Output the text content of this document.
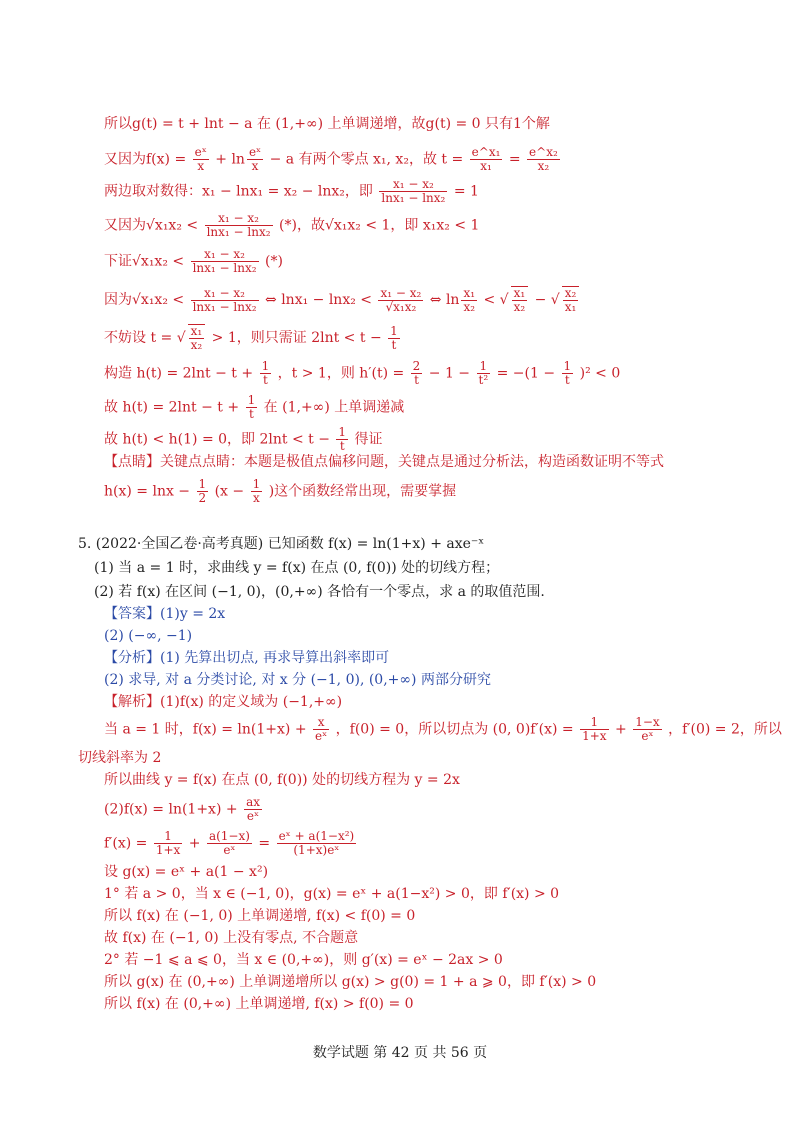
所以g(t) = t + lnt − a 在 (1,+∞) 上单调递增，故g(t) = 0 只有1个解
又因为$f(x) = \frac{\text{eˣ}}{x} + \ln \frac{\text{eˣ}}{x} - a$ 有两个零点 x₁, x₂，故 $t = \frac{\text{e\textasciicircum{}x₁}}{\text{x₁}} = \frac{\text{e\textasciicircum{}x₂}}{\text{x₂}}$
两边取对数得：x₁ − lnx₁ = x₂ − lnx₂，即 $\frac{\text{x₁ − x₂}}{\text{lnx₁ − lnx₂}} = 1$
又因为$√x_1x_2 < \frac{\text{x₁ − x₂}}{\text{lnx₁ − lnx₂}}$ (*)，故√x₁x₂ < 1，即 x₁x₂ < 1
下证$√x_1x_2 < \frac{\text{x₁ − x₂}}{\text{lnx₁ − lnx₂}}$ (*)
因为$√x_1x_2 < \frac{\text{x₁ − x₂}}{\text{lnx₁ − lnx₂}}$ ⇔ $\ln x_1 - \ln x_2 < \frac{\text{x₁ − x₂}}{\text{√x₁x₂}}$ ⇔ $\ln \frac{\text{x₁}}{\text{x₂}}$ < √ $\frac{\text{x₁}}{\text{x₂}}$ − √ $\frac{\text{x₂}}{\text{x₁}}$
不妨设 t = √ $\frac{\text{x₁}}{\text{x₂}} > 1$，则只需证 $2\ln t < t - \frac{1}{t}$
构造 $h(t) = 2\ln t - t + \frac{1}{t}$ ，t > 1，则 $h'(t) = \frac{2}{t} - 1 - \frac{1}{\text{t²}} = -(1 - \frac{1}{t} )^2 < 0$
故 $h(t) = 2\ln t - t + \frac{1}{t}$ 在 (1,+∞) 上单调递减
故 h(t) < h(1) = 0，即 $2\ln t < t - \frac{1}{t}$ 得证
【点睛】关键点点睛：本题是极值点偏移问题，关键点是通过分析法，构造函数证明不等式
$h(x) = \ln x - \frac{1}{2} (x - \frac{1}{x}$ )这个函数经常出现，需要掌握
5. (2022·全国乙卷·高考真题) 已知函数 f(x) = ln(1+x) + axe⁻ˣ
(1) 当 a = 1 时，求曲线 y = f(x) 在点 (0, f(0)) 处的切线方程；
(2) 若 f(x) 在区间 (−1, 0)，(0,+∞) 各恰有一个零点，求 a 的取值范围.
【答案】(1)y = 2x
(2) (−∞, −1)
【分析】(1) 先算出切点, 再求导算出斜率即可
(2) 求导, 对 a 分类讨论, 对 x 分 (−1, 0), (0,+∞) 两部分研究
【解析】(1)f(x) 的定义域为 (−1,+∞)
当 a = 1 时，$f(x) = \ln(1+x) + \frac{x}{\text{eˣ}}$ ，f(0) = 0，所以切点为 (0, $0)f'(x) = \frac{1}{1+x} + \frac{1-x}{\text{eˣ}}$ ，f′(0) = 2，所以
切线斜率为 2
所以曲线 y = f(x) 在点 (0, f(0)) 处的切线方程为 y = 2x
$(2)f(x) = \ln(1+x) + \frac{ax}{\text{eˣ}}$
$f'(x) = \frac{1}{1+x} + \frac{a(1-x)}{\text{eˣ}} = \frac{\text{eˣ + a(1−x²)}}{\text{(1+x)eˣ}}$
设 g(x) = eˣ + a(1 − x²)
1° 若 a > 0，当 x ∈ (−1, 0)，g(x) = eˣ + a(1−x²) > 0，即 f′(x) > 0
所以 f(x) 在 (−1, 0) 上单调递增, f(x) < f(0) = 0
故 f(x) 在 (−1, 0) 上没有零点, 不合题意
2° 若 −1 ⩽ a ⩽ 0，当 x ∈ (0,+∞)，则 g′(x) = eˣ − 2ax > 0
所以 g(x) 在 (0,+∞) 上单调递增所以 g(x) > g(0) = 1 + a ⩾ 0，即 f′(x) > 0
所以 f(x) 在 (0,+∞) 上单调递增, f(x) > f(0) = 0
数学试题 第 42 页 共 56 页
